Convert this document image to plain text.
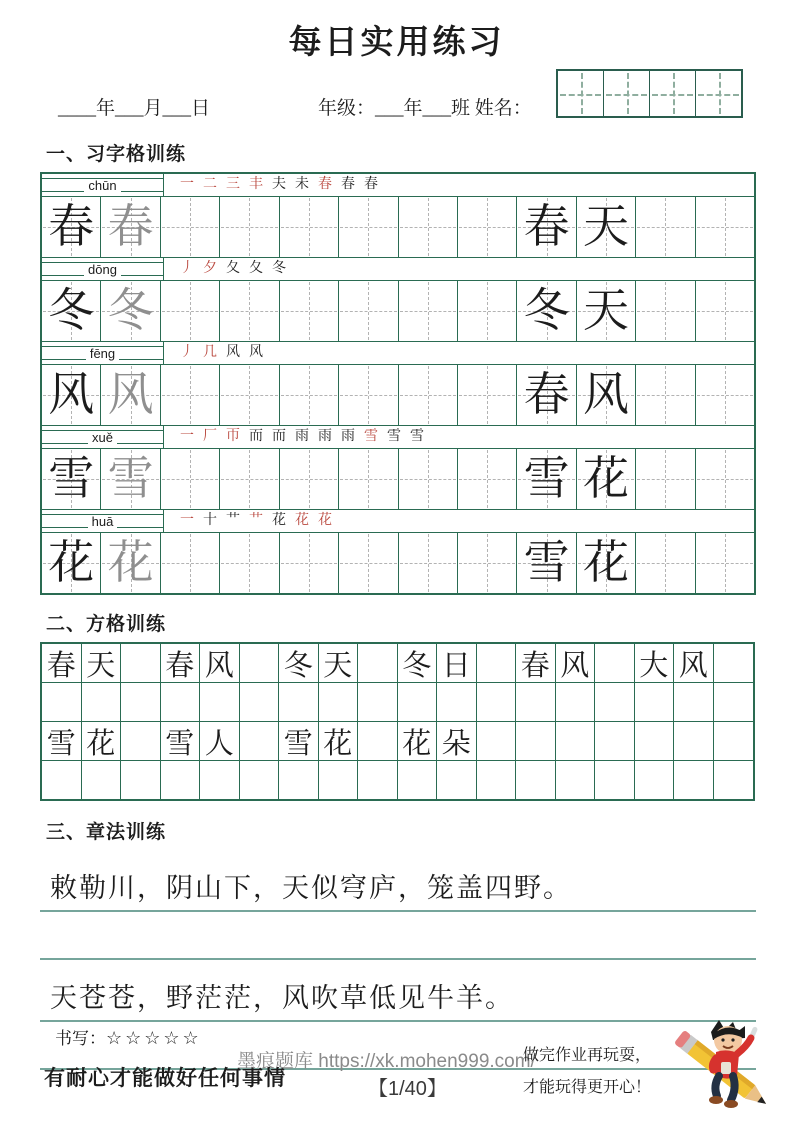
每日实用练习
____年___月___日	年级：___年___班 姓名：
一、习字格训练
chūn	一 二 三 丰 夫 未 春 春 春
春 春	春 天
dōng	丿 夕 夂 夂 冬
冬 冬	冬 天
fēng	丿 几 风 风
风 风	春 风
xuě	一 厂 帀 而 而 雨 雨 雨 雪 雪 雪
雪 雪	雪 花
huā	一 十 艹 艹 花 花 花
花 花	雪 花
二、方格训练
春 天 春 风 冬 天 冬 日 春 风 大 风
雪 花 雪 人 雪 花 花 朵
三、章法训练
敕勒川，阴山下，天似穹庐，笼盖四野。
天苍苍，野茫茫，风吹草低见牛羊。
书写：☆☆☆☆☆
有耐心才能做好任何事情
墨痕题库 https://xk.mohen999.com/
【1/40】
做完作业再玩耍，
才能玩得更开心！
